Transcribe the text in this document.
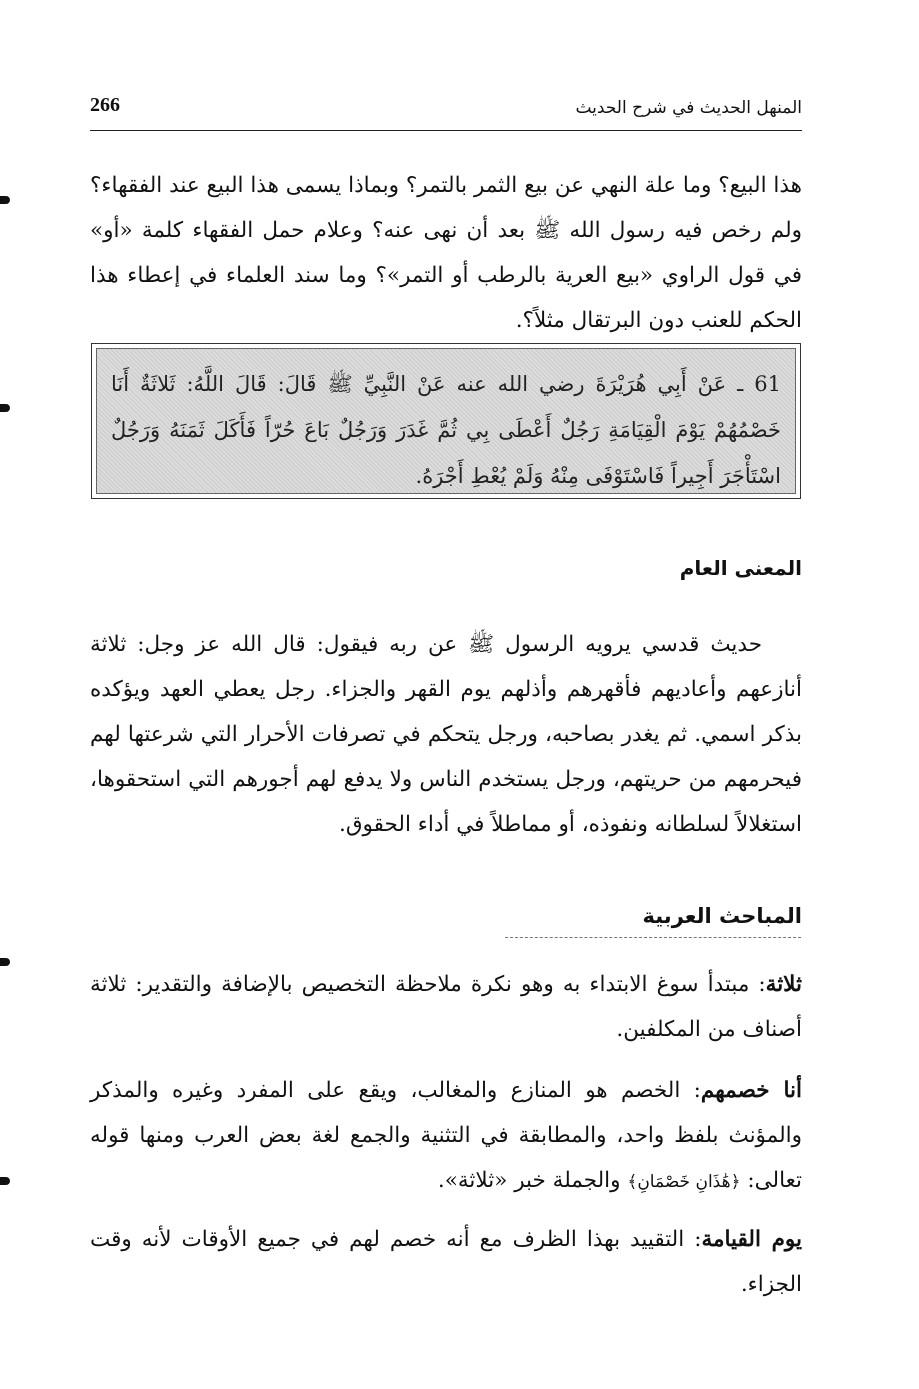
المنهل الحديث في شرح الحديث
266

هذا البيع؟ وما علة النهي عن بيع الثمر بالتمر؟ وبماذا يسمى هذا البيع عند الفقهاء؟ ولم رخص فيه رسول الله ﷺ بعد أن نهى عنه؟ وعلام حمل الفقهاء كلمة «أو» في قول الراوي «بيع العرية بالرطب أو التمر»؟ وما سند العلماء في إعطاء هذا الحكم للعنب دون البرتقال مثلاً؟.

61 ـ عَنْ أَبِي هُرَيْرَةَ رضي الله عنه عَنْ النَّبِيِّ ﷺ قَالَ: قَالَ اللَّهُ: ثَلاثَةٌ أَنَا خَصْمُهُمْ يَوْمَ الْقِيَامَةِ رَجُلٌ أَعْطَى بِي ثُمَّ غَدَرَ وَرَجُلٌ بَاعَ حُرّاً فَأَكَلَ ثَمَنَهُ وَرَجُلٌ اسْتَأْجَرَ أَجِيراً فَاسْتَوْفَى مِنْهُ وَلَمْ يُعْطِ أَجْرَهُ.
المعنى العام

حديث قدسي يرويه الرسول ﷺ عن ربه فيقول: قال الله عز وجل: ثلاثة أنازعهم وأعاديهم فأقهرهم وأذلهم يوم القهر والجزاء. رجل يعطي العهد ويؤكده بذكر اسمي. ثم يغدر بصاحبه، ورجل يتحكم في تصرفات الأحرار التي شرعتها لهم فيحرمهم من حريتهم، ورجل يستخدم الناس ولا يدفع لهم أجورهم التي استحقوها، استغلالاً لسلطانه ونفوذه، أو مماطلاً في أداء الحقوق.

المباحث العربية

ثلاثة: مبتدأ سوغ الابتداء به وهو نكرة ملاحظة التخصيص بالإضافة والتقدير: ثلاثة أصناف من المكلفين.

أنا خصمهم: الخصم هو المنازع والمغالب، ويقع على المفرد وغيره والمذكر والمؤنث بلفظ واحد، والمطابقة في التثنية والجمع لغة بعض العرب ومنها قوله تعالى: ﴿هَٰذَانِ خَصْمَانِ﴾ والجملة خبر «ثلاثة».

يوم القيامة: التقييد بهذا الظرف مع أنه خصم لهم في جميع الأوقات لأنه وقت الجزاء.
